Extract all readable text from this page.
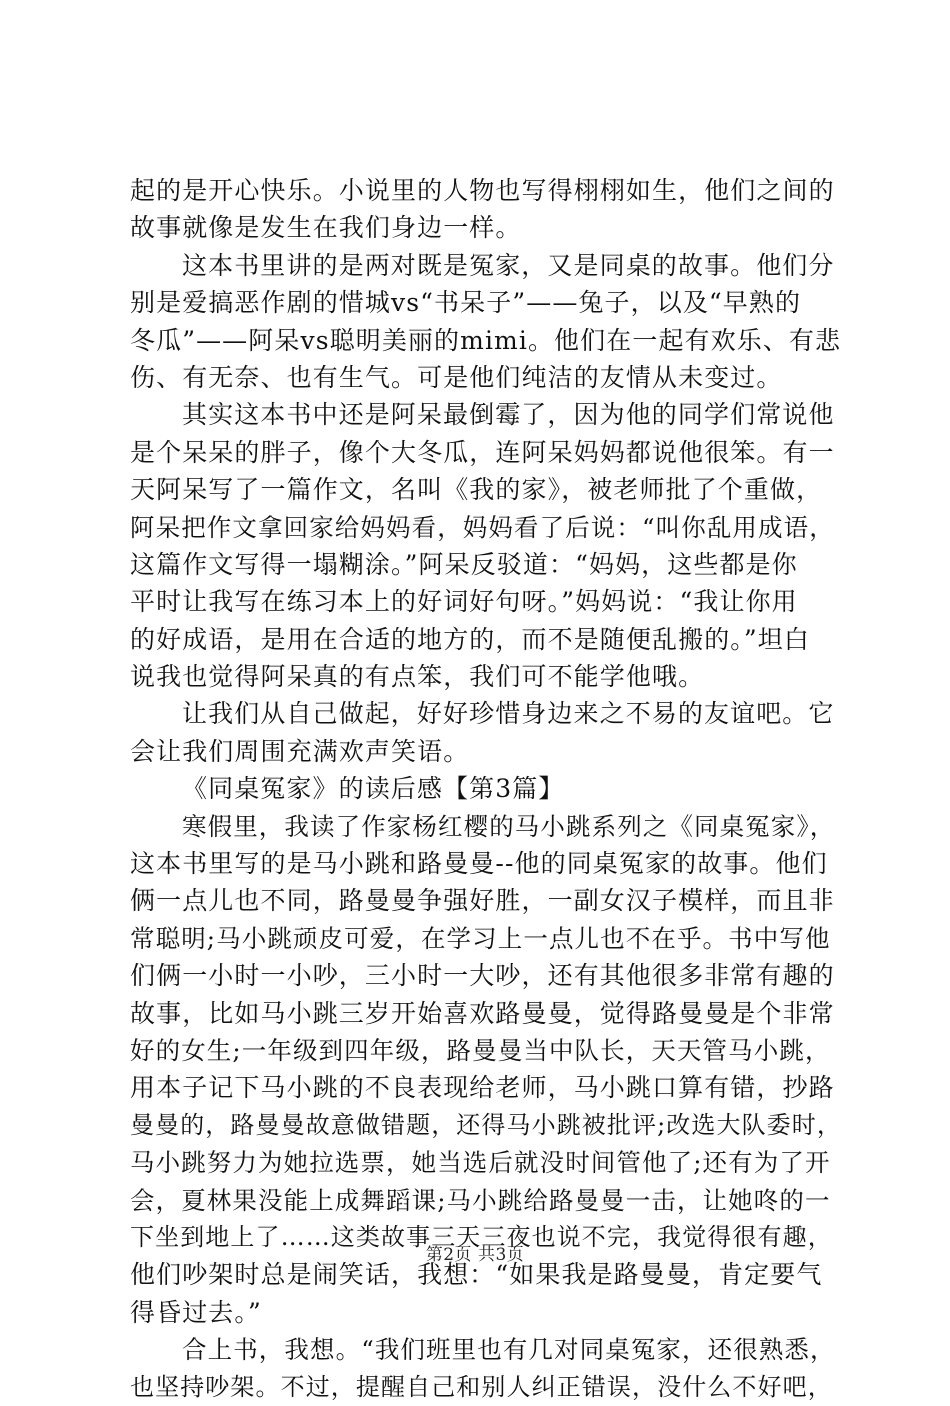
起的是开心快乐。小说里的人物也写得栩栩如生，他们之间的
故事就像是发生在我们身边一样。
这本书里讲的是两对既是冤家，又是同桌的故事。他们分
别是爱搞恶作剧的惜城vs“书呆子”——兔子，以及“早熟的
冬瓜”——阿呆vs聪明美丽的mimi。他们在一起有欢乐、有悲
伤、有无奈、也有生气。可是他们纯洁的友情从未变过。
其实这本书中还是阿呆最倒霉了，因为他的同学们常说他
是个呆呆的胖子，像个大冬瓜，连阿呆妈妈都说他很笨。有一
天阿呆写了一篇作文，名叫《我的家》，被老师批了个重做，
阿呆把作文拿回家给妈妈看，妈妈看了后说：“叫你乱用成语，
这篇作文写得一塌糊涂。”阿呆反驳道：“妈妈，这些都是你
平时让我写在练习本上的好词好句呀。”妈妈说：“我让你用
的好成语，是用在合适的地方的，而不是随便乱搬的。”坦白
说我也觉得阿呆真的有点笨，我们可不能学他哦。
让我们从自己做起，好好珍惜身边来之不易的友谊吧。它
会让我们周围充满欢声笑语。
《同桌冤家》的读后感【第3篇】
寒假里，我读了作家杨红樱的马小跳系列之《同桌冤家》，
这本书里写的是马小跳和路曼曼--他的同桌冤家的故事。他们
俩一点儿也不同，路曼曼争强好胜，一副女汉子模样，而且非
常聪明;马小跳顽皮可爱，在学习上一点儿也不在乎。书中写他
们俩一小时一小吵，三小时一大吵，还有其他很多非常有趣的
故事，比如马小跳三岁开始喜欢路曼曼，觉得路曼曼是个非常
好的女生;一年级到四年级，路曼曼当中队长，天天管马小跳，
用本子记下马小跳的不良表现给老师，马小跳口算有错，抄路
曼曼的，路曼曼故意做错题，还得马小跳被批评;改选大队委时，
马小跳努力为她拉选票，她当选后就没时间管他了;还有为了开
会，夏林果没能上成舞蹈课;马小跳给路曼曼一击，让她咚的一
下坐到地上了……这类故事三天三夜也说不完，我觉得很有趣，
他们吵架时总是闹笑话，我想：“如果我是路曼曼，肯定要气
得昏过去。”
合上书，我想。“我们班里也有几对同桌冤家，还很熟悉，
也坚持吵架。不过，提醒自己和别人纠正错误，没什么不好吧，
第2页 共3页
